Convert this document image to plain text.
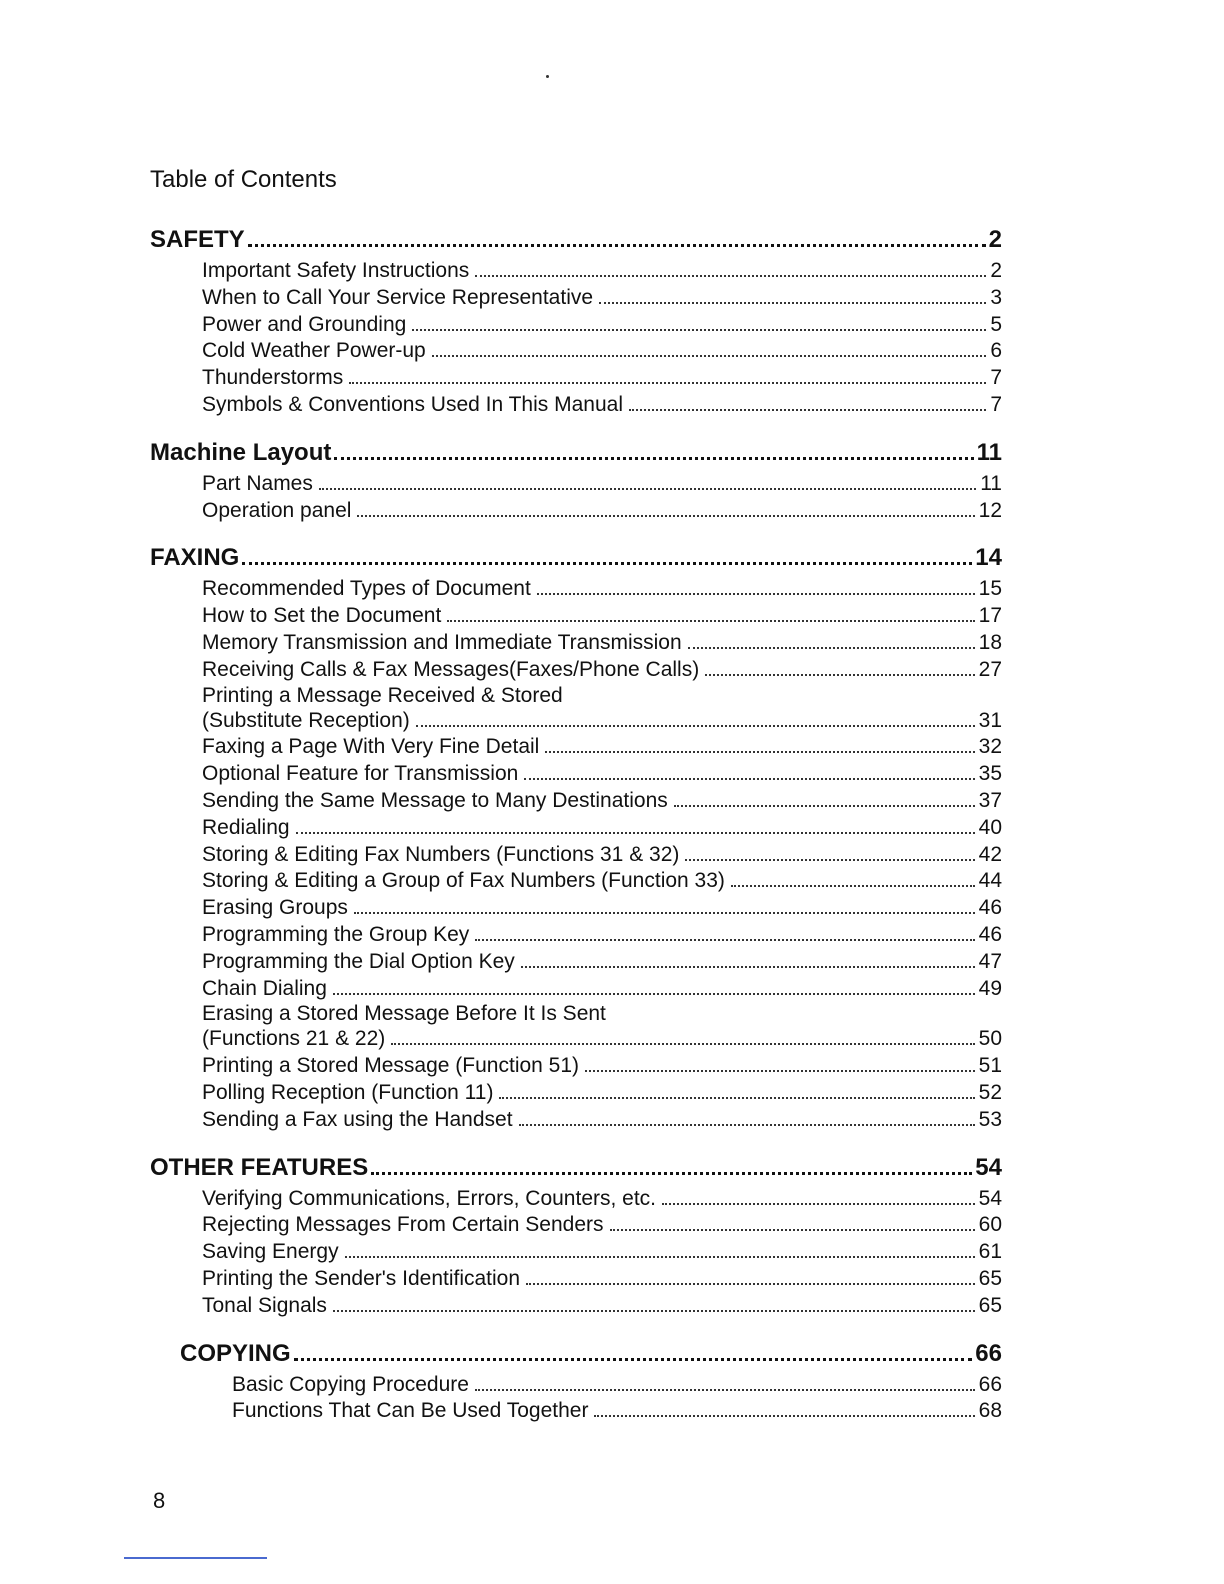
Table of Contents
SAFETY	2
Important Safety Instructions	2
When to Call Your Service Representative	3
Power and Grounding	5
Cold Weather Power-up	6
Thunderstorms	7
Symbols & Conventions Used In This Manual	7
Machine Layout	11
Part Names	11
Operation panel	12
FAXING	14
Recommended Types of Document	15
How to Set the Document	17
Memory Transmission and Immediate Transmission	18
Receiving Calls & Fax Messages(Faxes/Phone Calls)	27
Printing a Message Received & Stored
(Substitute Reception)	31
Faxing a Page With Very Fine Detail	32
Optional Feature for Transmission	35
Sending the Same Message to Many Destinations	37
Redialing	40
Storing & Editing Fax Numbers (Functions 31 & 32)	42
Storing & Editing a Group of Fax Numbers (Function 33)	44
Erasing Groups	46
Programming the Group Key	46
Programming the Dial Option Key	47
Chain Dialing	49
Erasing a Stored Message Before It Is Sent
(Functions 21 & 22)	50
Printing a Stored Message (Function 51)	51
Polling Reception (Function 11)	52
Sending a Fax using the Handset	53
OTHER FEATURES	54
Verifying Communications, Errors, Counters, etc.	54
Rejecting Messages From Certain Senders	60
Saving Energy	61
Printing the Sender's Identification	65
Tonal Signals	65
COPYING	66
Basic Copying Procedure	66
Functions That Can Be Used Together	68
8
